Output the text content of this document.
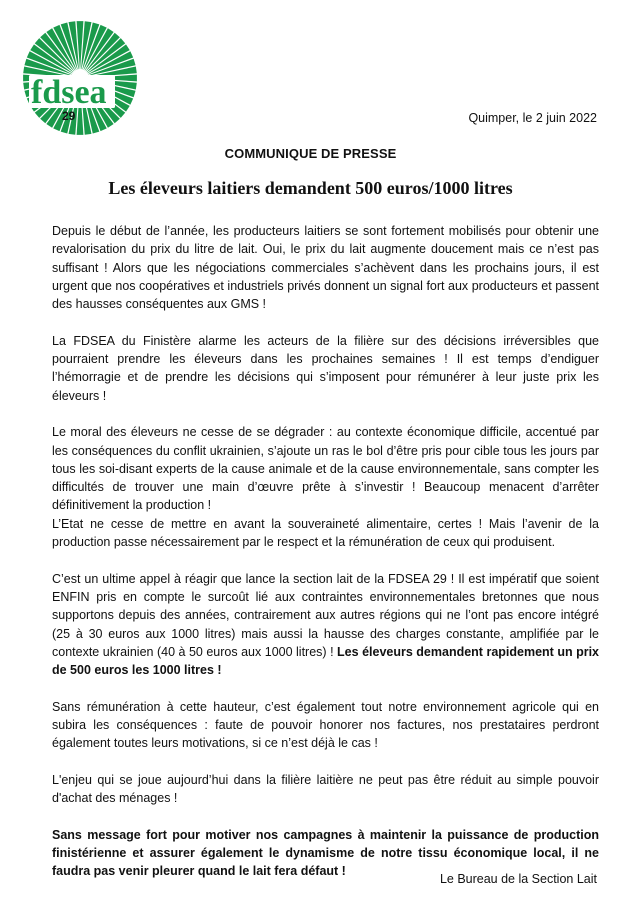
fdsea
29	Quimper, le 2 juin 2022
COMMUNIQUE DE PRESSE
Les éleveurs laitiers demandent 500 euros/1000 litres

Depuis le début de l’année, les producteurs laitiers se sont fortement mobilisés pour obtenir une revalorisation du prix du litre de lait. Oui, le prix du lait augmente doucement mais ce n’est pas suffisant ! Alors que les négociations commerciales s’achèvent dans les prochains jours, il est urgent que nos coopératives et industriels privés donnent un signal fort aux producteurs et passent des hausses conséquentes aux GMS !

La FDSEA du Finistère alarme les acteurs de la filière sur des décisions irréversibles que pourraient prendre les éleveurs dans les prochaines semaines ! Il est temps d’endiguer l’hémorragie et de prendre les décisions qui s’imposent pour rémunérer à leur juste prix les éleveurs !

Le moral des éleveurs ne cesse de se dégrader : au contexte économique difficile, accentué par les conséquences du conflit ukrainien, s’ajoute un ras le bol d’être pris pour cible tous les jours par tous les soi-disant experts de la cause animale et de la cause environnementale, sans compter les difficultés de trouver une main d’œuvre prête à s’investir ! Beaucoup menacent d’arrêter définitivement la production !

L’Etat ne cesse de mettre en avant la souveraineté alimentaire, certes ! Mais l’avenir de la production passe nécessairement par le respect et la rémunération de ceux qui produisent.

C’est un ultime appel à réagir que lance la section lait de la FDSEA 29 ! Il est impératif que soient ENFIN pris en compte le surcoût lié aux contraintes environnementales bretonnes que nous supportons depuis des années, contrairement aux autres régions qui ne l’ont pas encore intégré (25 à 30 euros aux 1000 litres) mais aussi la hausse des charges constante, amplifiée par le contexte ukrainien (40 à 50 euros aux 1000 litres) ! Les éleveurs demandent rapidement un prix de 500 euros les 1000 litres !

Sans rémunération à cette hauteur, c’est également tout notre environnement agricole qui en subira les conséquences : faute de pouvoir honorer nos factures, nos prestataires perdront également toutes leurs motivations, si ce n’est déjà le cas !

L'enjeu qui se joue aujourd’hui dans la filière laitière ne peut pas être réduit au simple pouvoir d'achat des ménages !

Sans message fort pour motiver nos campagnes à maintenir la puissance de production finistérienne et assurer également le dynamisme de notre tissu économique local, il ne faudra pas venir pleurer quand le lait fera défaut !

Le Bureau de la Section Lait
